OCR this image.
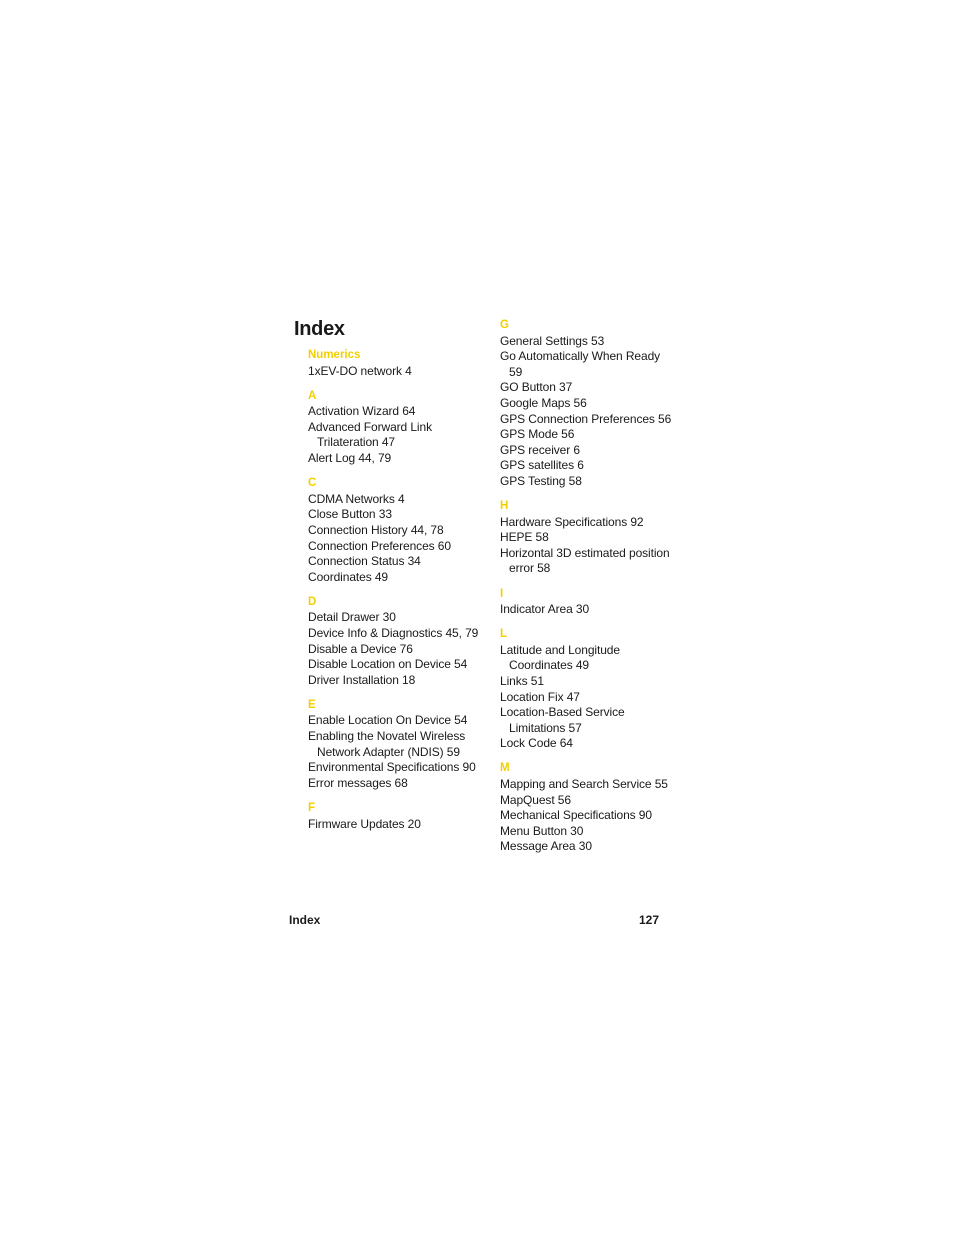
Index
Numerics
1xEV-DO network 4
A
Activation Wizard 64
Advanced Forward Link Trilateration 47
Alert Log 44, 79
C
CDMA Networks 4
Close Button 33
Connection History 44, 78
Connection Preferences 60
Connection Status 34
Coordinates 49
D
Detail Drawer 30
Device Info & Diagnostics 45, 79
Disable a Device 76
Disable Location on Device 54
Driver Installation 18
E
Enable Location On Device 54
Enabling the Novatel Wireless Network Adapter (NDIS) 59
Environmental Specifications 90
Error messages 68
F
Firmware Updates 20
G
General Settings 53
Go Automatically When Ready 59
GO Button 37
Google Maps 56
GPS Connection Preferences 56
GPS Mode 56
GPS receiver 6
GPS satellites 6
GPS Testing 58
H
Hardware Specifications 92
HEPE 58
Horizontal 3D estimated position error 58
I
Indicator Area 30
L
Latitude and Longitude Coordinates 49
Links 51
Location Fix 47
Location-Based Service Limitations 57
Lock Code 64
M
Mapping and Search Service 55
MapQuest 56
Mechanical Specifications 90
Menu Button 30
Message Area 30
Index	127
